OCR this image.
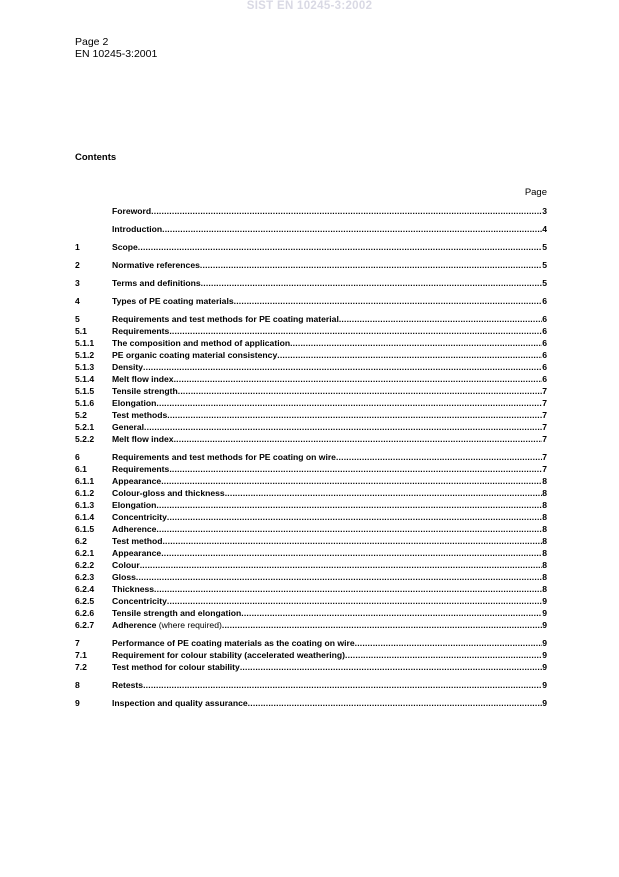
SIST EN 10245-3:2002
Page 2
EN 10245-3:2001
Contents
Page
Foreword .....	3
Introduction .....	4
1	Scope .....	5
2	Normative references .....	5
3	Terms and definitions .....	5
4	Types of PE coating materials .....	6
5	Requirements and test methods for PE coating material .....	6
5.1	Requirements .....	6
5.1.1	The composition and method of application .....	6
5.1.2	PE organic coating material consistency .....	6
5.1.3	Density .....	6
5.1.4	Melt flow index .....	6
5.1.5	Tensile strength .....	7
5.1.6	Elongation .....	7
5.2	Test methods .....	7
5.2.1	General .....	7
5.2.2	Melt flow index .....	7
6	Requirements and test methods for PE coating on wire .....	7
6.1	Requirements .....	7
6.1.1	Appearance .....	8
6.1.2	Colour-gloss and thickness .....	8
6.1.3	Elongation .....	8
6.1.4	Concentricity .....	8
6.1.5	Adherence .....	8
6.2	Test method .....	8
6.2.1	Appearance .....	8
6.2.2	Colour .....	8
6.2.3	Gloss .....	8
6.2.4	Thickness .....	8
6.2.5	Concentricity .....	9
6.2.6	Tensile strength and elongation .....	9
6.2.7	Adherence (where required) .....	9
7	Performance of PE coating materials as the coating on wire .....	9
7.1	Requirement for colour stability (accelerated weathering) .....	9
7.2	Test method for colour stability .....	9
8	Retests .....	9
9	Inspection and quality assurance .....	9
